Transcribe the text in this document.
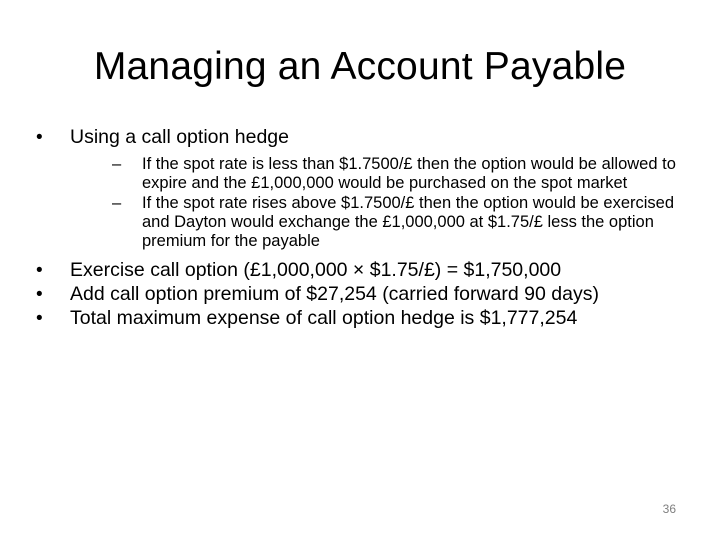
Managing an Account Payable
• Using a call option hedge
– If the spot rate is less than $1.7500/£ then the option would be allowed to expire and the £1,000,000 would be purchased on the spot market
– If the spot rate rises above $1.7500/£ then the option would be exercised and Dayton would exchange the £1,000,000 at $1.75/£ less the option premium for the payable
• Exercise call option (£1,000,000 × $1.75/£) = $1,750,000
• Add call option premium of $27,254 (carried forward 90 days)
• Total maximum expense of call option hedge is $1,777,254
36
